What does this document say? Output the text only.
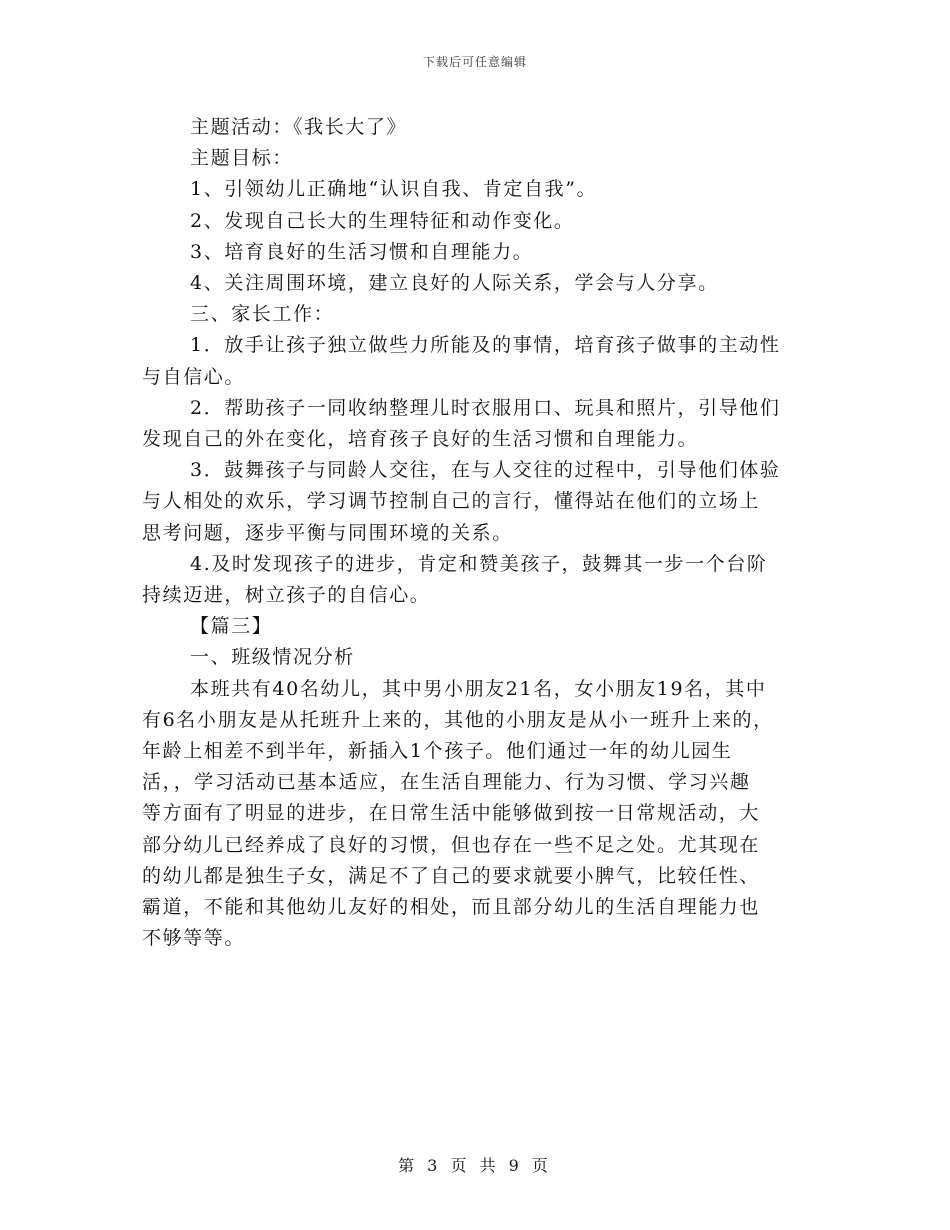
下载后可任意编辑
主题活动：《我长大了》
主题目标：
1、引领幼儿正确地“认识自我、肯定自我”。
2、发现自己长大的生理特征和动作变化。
3、培育良好的生活习惯和自理能力。
4、关注周围环境，建立良好的人际关系，学会与人分享。
三、家长工作：
1．放手让孩子独立做些力所能及的事情，培育孩子做事的主动性
与自信心。
2．帮助孩子一同收纳整理儿时衣服用口、玩具和照片，引导他们
发现自己的外在变化，培育孩子良好的生活习惯和自理能力。
3．鼓舞孩子与同龄人交往，在与人交往的过程中，引导他们体验
与人相处的欢乐，学习调节控制自己的言行，懂得站在他们的立场上
思考问题，逐步平衡与同围环境的关系。
4.及时发现孩子的进步，肯定和赞美孩子，鼓舞其一步一个台阶
持续迈进，树立孩子的自信心。
【篇三】
一、班级情况分析
本班共有40名幼儿，其中男小朋友21名，女小朋友19名，其中
有6名小朋友是从托班升上来的，其他的小朋友是从小一班升上来的，
年龄上相差不到半年，新插入1个孩子。他们通过一年的幼儿园生
活，，学习活动已基本适应，在生活自理能力、行为习惯、学习兴趣
等方面有了明显的进步，在日常生活中能够做到按一日常规活动，大
部分幼儿已经养成了良好的习惯，但也存在一些不足之处。尤其现在
的幼儿都是独生子女，满足不了自己的要求就要小脾气，比较任性、
霸道，不能和其他幼儿友好的相处，而且部分幼儿的生活自理能力也
不够等等。
第 3 页 共 9 页
